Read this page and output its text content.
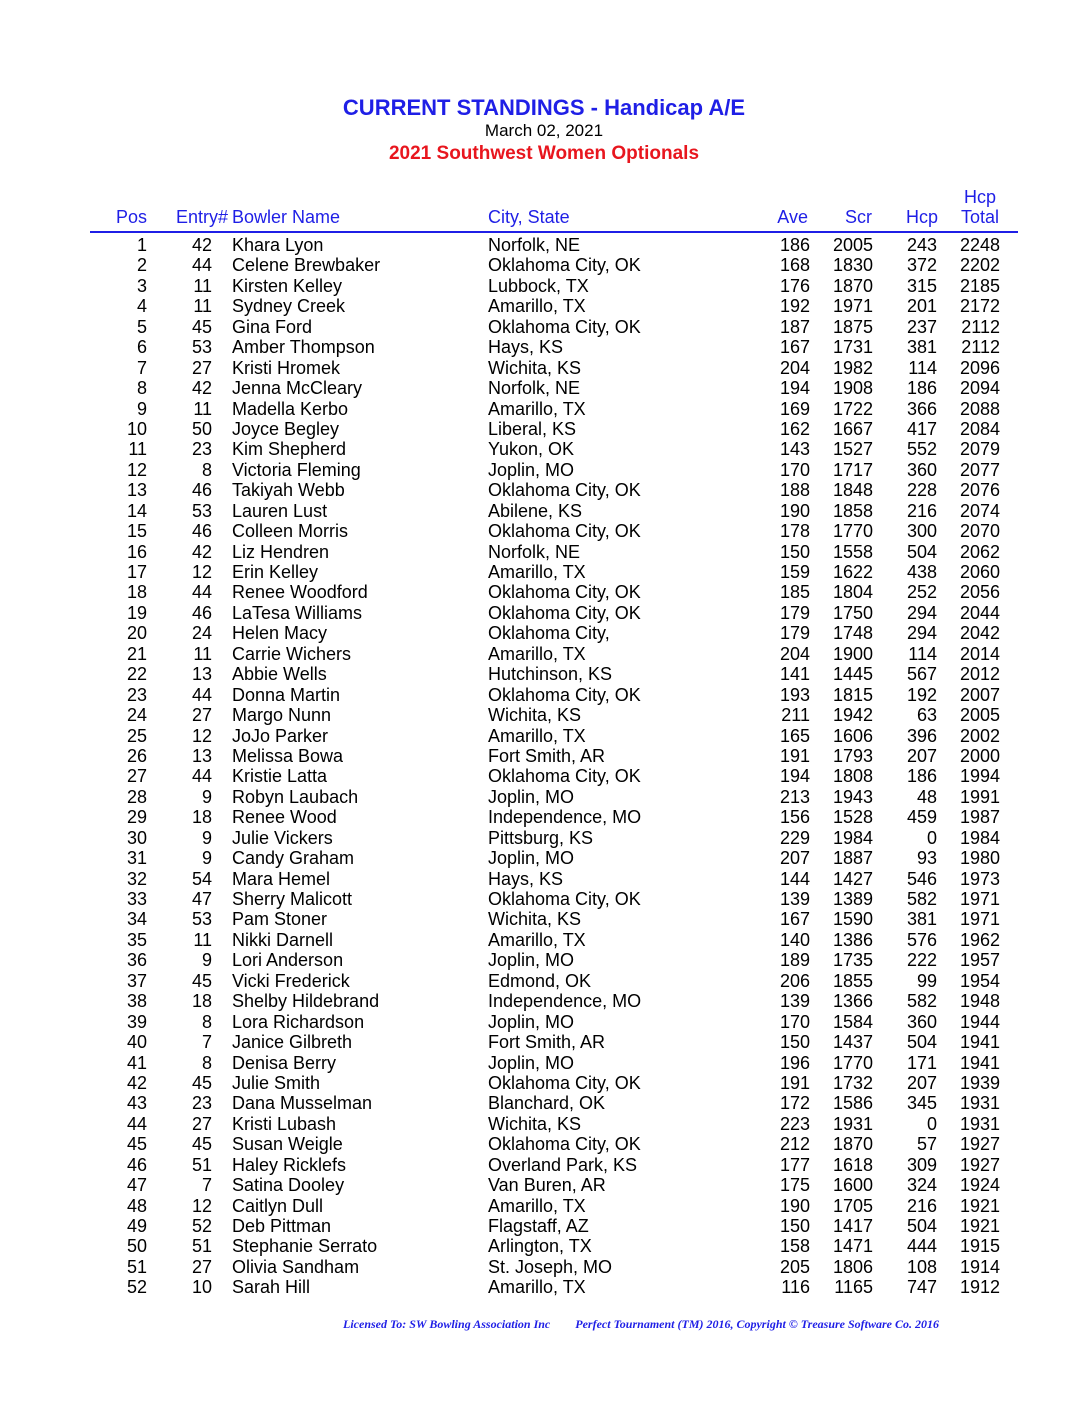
CURRENT STANDINGS - Handicap A/E
March 02, 2021
2021 Southwest Women Optionals
Pos Entry# Bowler Name	City, State	Ave Scr Hcp
Hcp
Total
1 42 Khara Lyon	Norfolk, NE	186 2005 243 2248
2 44 Celene Brewbaker	Oklahoma City, OK	168 1830 372 2202
3	11 Kirsten Kelley	Lubbock, TX	176 1870 315 2185
4	11 Sydney Creek	Amarillo, TX	192 1971 201 2172
5 45 Gina Ford	Oklahoma City, OK	187 1875 237 2112
6 53 Amber Thompson	Hays, KS	167 1731 381 2112
7 27 Kristi Hromek	Wichita, KS	204 1982 114 2096
8 42 Jenna McCleary	Norfolk, NE	194 1908 186 2094
9	11 Madella Kerbo	Amarillo, TX	169 1722 366 2088
10 50 Joyce Begley	Liberal, KS	162 1667 417 2084
11 23 Kim Shepherd	Yukon, OK	143 1527 552 2079
12	8 Victoria Fleming	Joplin, MO	170 1717 360 2077
13 46 Takiyah Webb	Oklahoma City, OK	188 1848 228 2076
14 53 Lauren Lust	Abilene, KS	190 1858 216 2074
15 46 Colleen Morris	Oklahoma City, OK	178 1770 300 2070
16 42 Liz Hendren	Norfolk, NE	150 1558 504 2062
17 12 Erin Kelley	Amarillo, TX	159 1622 438 2060
18 44 Renee Woodford	Oklahoma City, OK	185 1804 252 2056
19 46 LaTesa Williams	Oklahoma City, OK	179 1750 294 2044
20 24 Helen Macy	Oklahoma City,	179 1748 294 2042
21	11 Carrie Wichers	Amarillo, TX	204 1900 114 2014
22 13 Abbie Wells	Hutchinson, KS	141 1445 567 2012
23 44 Donna Martin	Oklahoma City, OK	193 1815 192 2007
24 27 Margo Nunn	Wichita, KS	211 1942 63 2005
25 12 JoJo Parker	Amarillo, TX	165 1606 396 2002
26 13 Melissa Bowa	Fort Smith, AR	191 1793 207 2000
27 44 Kristie Latta	Oklahoma City, OK	194 1808 186 1994
28	9 Robyn Laubach	Joplin, MO	213 1943 48 1991
29 18 Renee Wood	Independence, MO	156 1528 459 1987
30	9 Julie Vickers	Pittsburg, KS	229 1984	0 1984
31	9 Candy Graham	Joplin, MO	207 1887 93 1980
32 54 Mara Hemel	Hays, KS	144 1427 546 1973
33 47 Sherry Malicott	Oklahoma City, OK	139 1389 582 1971
34 53 Pam Stoner	Wichita, KS	167 1590 381 1971
35	11 Nikki Darnell	Amarillo, TX	140 1386 576 1962
36	9 Lori Anderson	Joplin, MO	189 1735 222 1957
37 45 Vicki Frederick	Edmond, OK	206 1855 99 1954
38 18 Shelby Hildebrand	Independence, MO	139 1366 582 1948
39	8 Lora Richardson	Joplin, MO	170 1584 360 1944
40	7 Janice Gilbreth	Fort Smith, AR	150 1437 504 1941
41	8 Denisa Berry	Joplin, MO	196 1770 171 1941
42 45 Julie Smith	Oklahoma City, OK	191 1732 207 1939
43 23 Dana Musselman	Blanchard, OK	172 1586 345 1931
44 27 Kristi Lubash	Wichita, KS	223 1931	0 1931
45 45 Susan Weigle	Oklahoma City, OK	212 1870 57 1927
46 51 Haley Ricklefs	Overland Park, KS	177 1618 309 1927
47	7 Satina Dooley	Van Buren, AR	175 1600 324 1924
48 12 Caitlyn Dull	Amarillo, TX	190 1705 216 1921
49 52 Deb Pittman	Flagstaff, AZ	150 1417 504 1921
50 51 Stephanie Serrato	Arlington, TX	158 1471 444 1915
51 27 Olivia Sandham	St. Joseph, MO	205 1806 108 1914
52 10 Sarah Hill	Amarillo, TX	116 1165 747 1912
Licensed To: SW Bowling Association Inc Perfect Tournament (TM) 2016, Copyright © Treasure Software Co. 2016
